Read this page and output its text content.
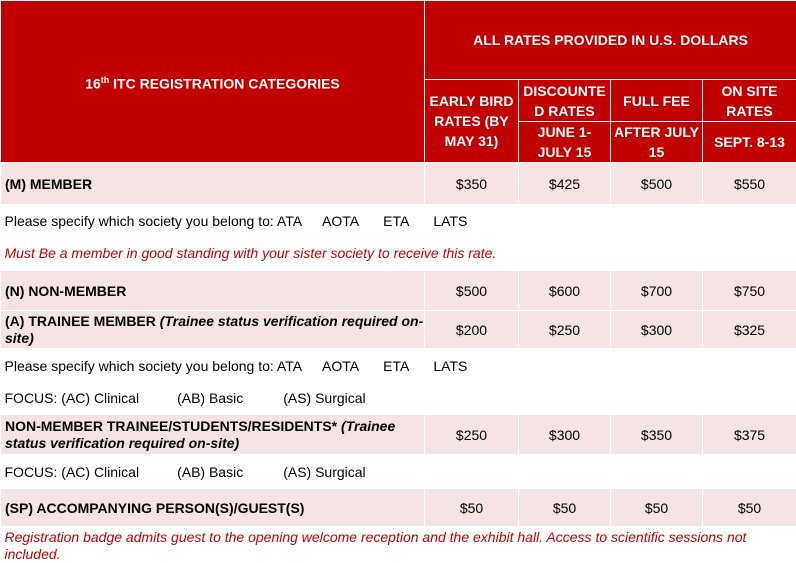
16th ITC REGISTRATION CATEGORIES	ALL RATES PROVIDED IN U.S. DOLLARS			
	EARLY BIRD RATES (BY MAY 31)	DISCOUNTE D RATES	FULL FEE	ON SITE RATES
		JUNE 1- JULY 15	AFTER JULY 15	SEPT. 8-13
(M) MEMBER	$350	$425	$500	$550
Please specify which society you belong to: ATA AOTA ETA LATS				
Must Be a member in good standing with your sister society to receive this rate.				
(N) NON-MEMBER	$500	$600	$700	$750
(A) TRAINEE MEMBER (Trainee status verification required on-site)	$200	$250	$300	$325
Please specify which society you belong to: ATA AOTA ETA LATS				
FOCUS: (AC) Clinical (AB) Basic (AS) Surgical				
NON-MEMBER TRAINEE/STUDENTS/RESIDENTS* (Trainee status verification required on-site)	$250	$300	$350	$375
FOCUS: (AC) Clinical (AB) Basic (AS) Surgical				
(SP) ACCOMPANYING PERSON(S)/GUEST(S)	$50	$50	$50	$50
Registration badge admits guest to the opening welcome reception and the exhibit hall. Access to scientific sessions not included.				
